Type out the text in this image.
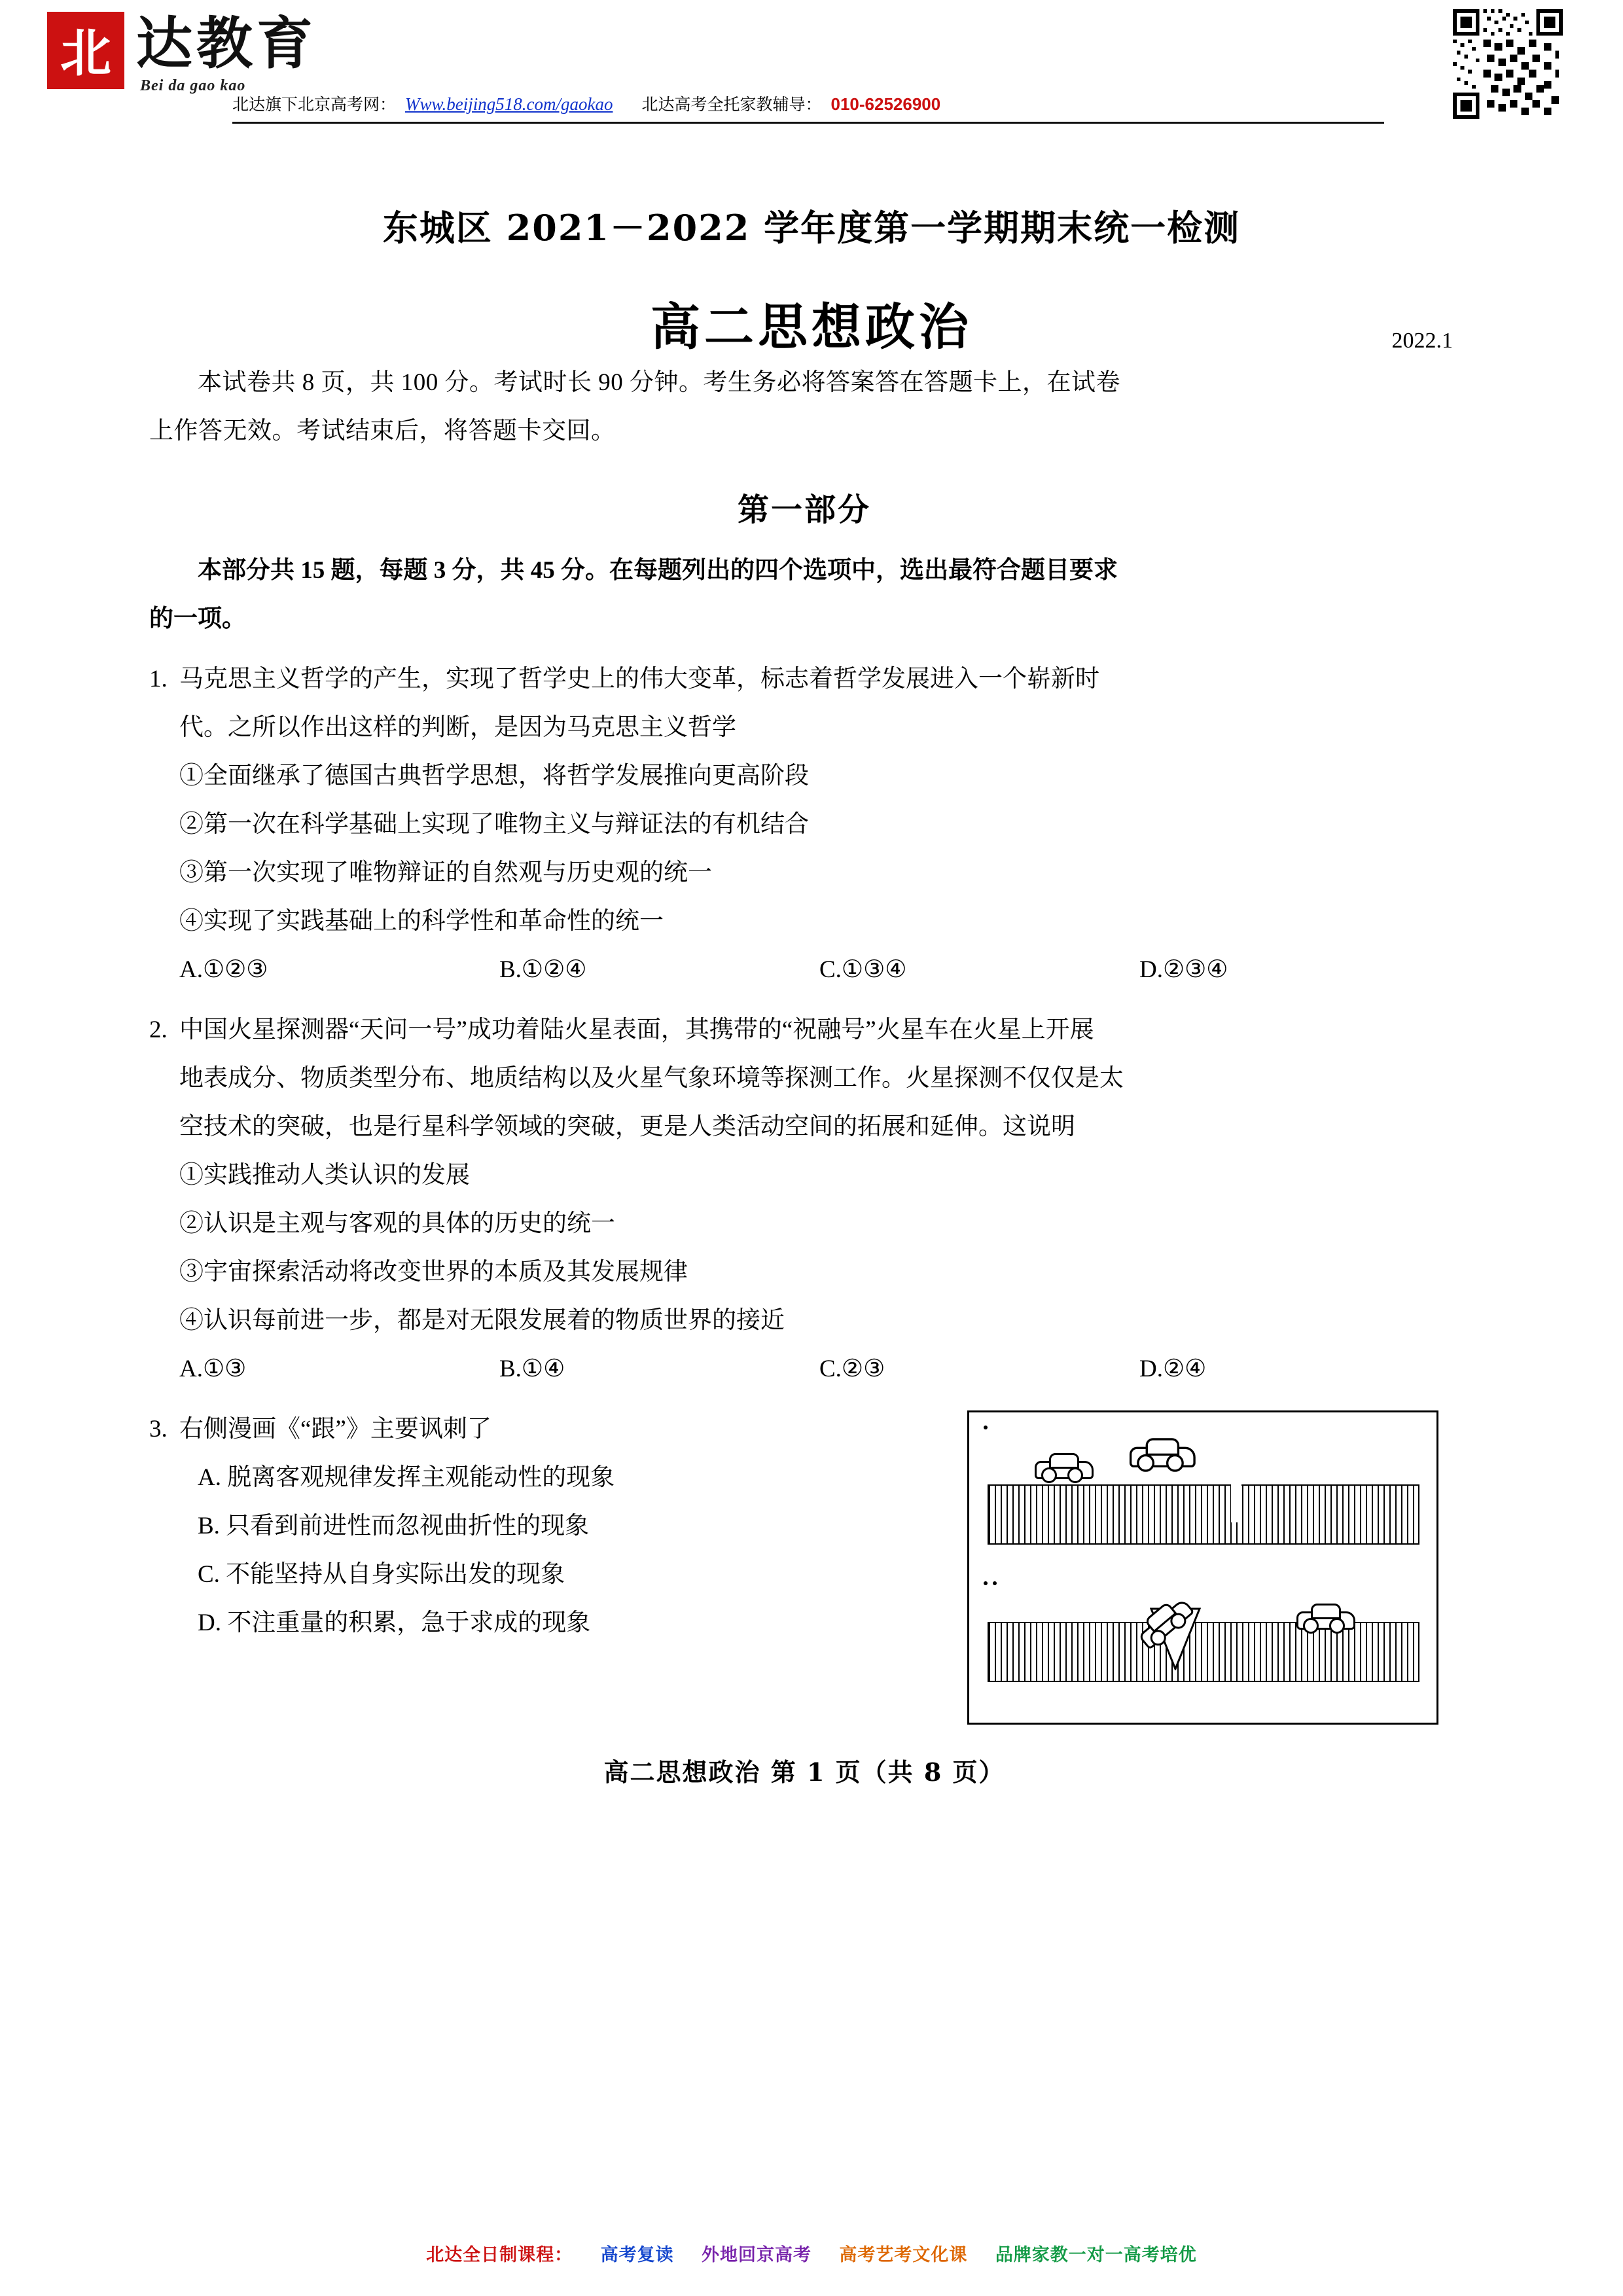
北 达教育
Bei da gao kao
北达旗下北京高考网： Www.beijing518.com/gaokao 北达高考全托家教辅导： 010-62526900
东城区 2021－2022 学年度第一学期期末统一检测
高二思想政治	2022.1

本试卷共 8 页，共 100 分。考试时长 90 分钟。考生务必将答案答在答题卡上，在试卷

上作答无效。考试结束后，将答题卡交回。

第一部分

本部分共 15 题，每题 3 分，共 45 分。在每题列出的四个选项中，选出最符合题目要求

的一项。

1. 马克思主义哲学的产生，实现了哲学史上的伟大变革，标志着哲学发展进入一个崭新时
代。之所以作出这样的判断，是因为马克思主义哲学
①全面继承了德国古典哲学思想，将哲学发展推向更高阶段
②第一次在科学基础上实现了唯物主义与辩证法的有机结合
③第一次实现了唯物辩证的自然观与历史观的统一
④实现了实践基础上的科学性和革命性的统一
A.①②③	B.①②④	C.①③④	D.②③④
2. 中国火星探测器“天问一号”成功着陆火星表面，其携带的“祝融号”火星车在火星上开展
地表成分、物质类型分布、地质结构以及火星气象环境等探测工作。火星探测不仅仅是太
空技术的突破，也是行星科学领域的突破，更是人类活动空间的拓展和延伸。这说明
①实践推动人类认识的发展
②认识是主观与客观的具体的历史的统一
③宇宙探索活动将改变世界的本质及其发展规律
④认识每前进一步，都是对无限发展着的物质世界的接近
A.①③	B.①④	C.②③	D.②④
3. 右侧漫画《“跟”》主要讽刺了
A. 脱离客观规律发挥主观能动性的现象
B. 只看到前进性而忽视曲折性的现象
C. 不能坚持从自身实际出发的现象
D. 不注重量的积累，急于求成的现象
高二思想政治 第 1 页（共 8 页）
北达全日制课程： 高考复读 外地回京高考 高考艺考文化课 品牌家教一对一高考培优
